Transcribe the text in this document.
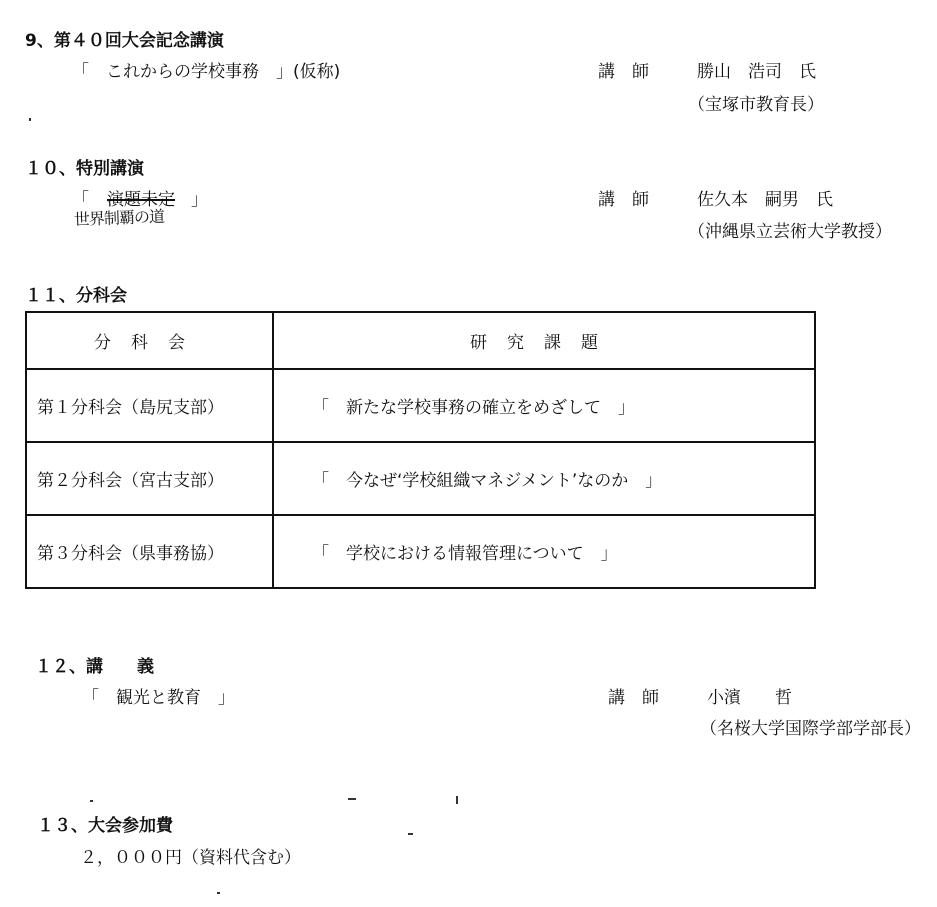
9、第４０回大会記念講演
「　これからの学校事務　」(仮称)	講　師	勝山　浩司　氏
（宝塚市教育長）
１０、特別講演
「 演題未定 」
世界制覇の道
講　師	佐久本　嗣男　氏
（沖縄県立芸術大学教授）
１１、分科会
分科会	研究課題
第１分科会（島尻支部）	「　新たな学校事務の確立をめざして　」
第２分科会（宮古支部）	「　今なぜ‘学校組織マネジメント’なのか　」
第３分科会（県事務協）	「　学校における情報管理について　」
１２、講　　義
「　観光と教育　」	講　師	小濱　　哲
（名桜大学国際学部学部長）
１３、大会参加費
２，０００円（資料代含む）
